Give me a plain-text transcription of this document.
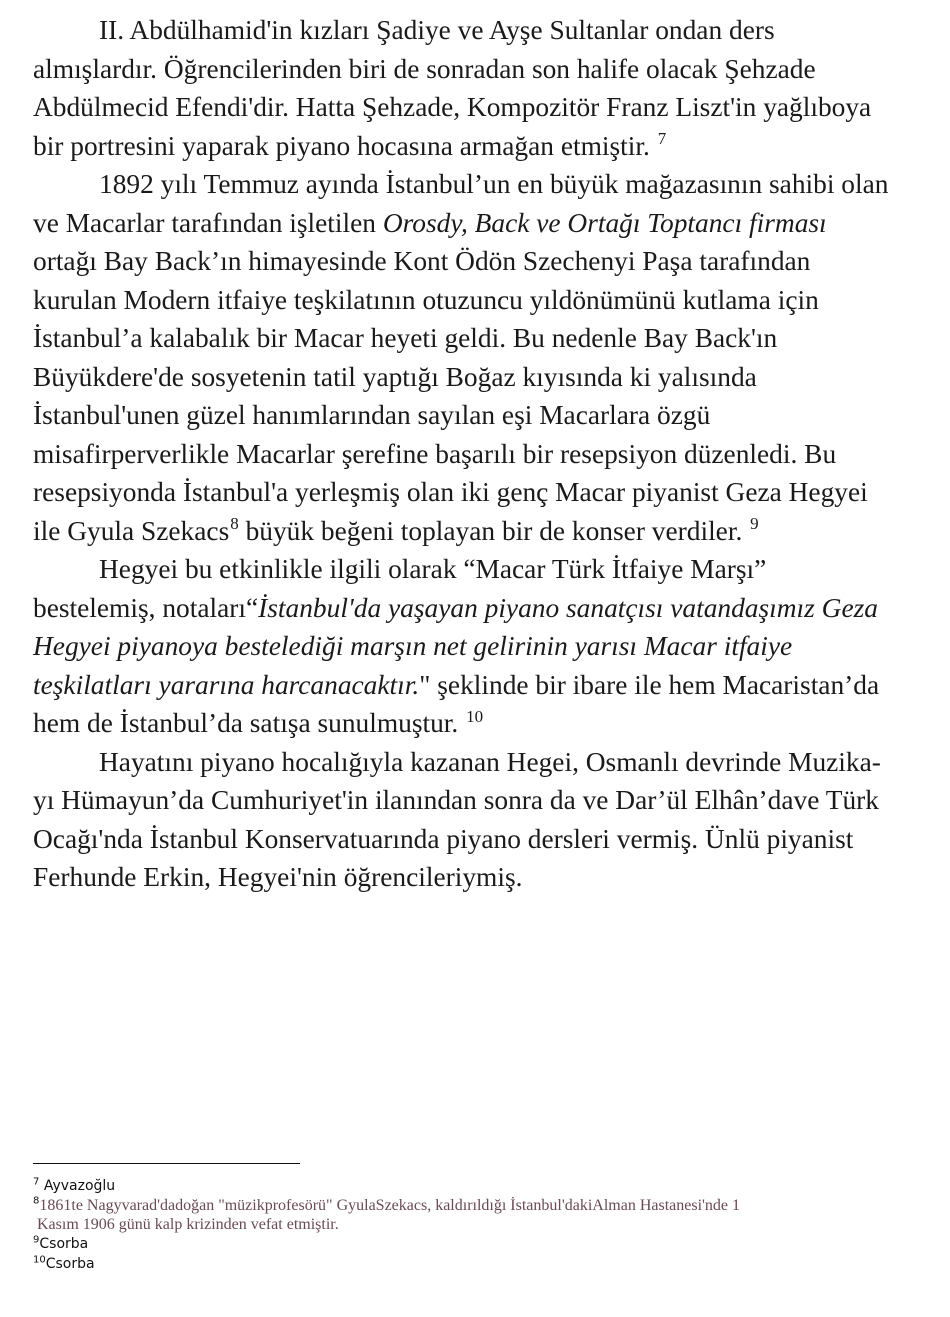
II. Abdülhamid'in kızları Şadiye ve Ayşe Sultanlar ondan ders almışlardır. Öğrencilerinden biri de sonradan son halife olacak Şehzade Abdülmecid Efendi'dir. Hatta Şehzade, Kompozitör Franz Liszt'in yağlıboya bir portresini yaparak piyano hocasına armağan etmiştir. $^7$

1892 yılı Temmuz ayında İstanbul’un en büyük mağazasının sahibi olan ve Macarlar tarafından işletilen Orosdy, Back ve Ortağı Toptancı firması ortağı Bay Back’ın himayesinde Kont Ödön Szechenyi Paşa tarafından kurulan Modern itfaiye teşkilatının otuzuncu yıldönümünü kutlama için İstanbul’a kalabalık bir Macar heyeti geldi. Bu nedenle Bay Back'ın Büyükdere'de sosyetenin tatil yaptığı Boğaz kıyısında ki yalısında İstanbul'unen güzel hanımlarından sayılan eşi Macarlara özgü misafirperverlikle Macarlar şerefine başarılı bir resepsiyon düzenledi. Bu resepsiyonda İstanbul'a yerleşmiş olan iki genç Macar piyanist Geza Hegyei ile Gyula Szekacs$^8$ büyük beğeni toplayan bir de konser verdiler. $^9$

Hegyei bu etkinlikle ilgili olarak “Macar Türk İtfaiye Marşı” bestelemiş, notaları“İstanbul'da yaşayan piyano sanatçısı vatandaşımız Geza Hegyei piyanoya bestelediği marşın net gelirinin yarısı Macar itfaiye teşkilatları yararına harcanacaktır." şeklinde bir ibare ile hem Macaristan’da hem de İstanbul’da satışa sunulmuştur. $^{10}$

Hayatını piyano hocalığıyla kazanan Hegei, Osmanlı devrinde Muzika-yı Hümayun’da Cumhuriyet'in ilanından sonra da ve Dar’ül Elhân’dave Türk Ocağı'nda İstanbul Konservatuarında piyano dersleri vermiş. Ünlü piyanist Ferhunde Erkin, Hegyei'nin öğrencileriymiş.

$^7$ Ayvazoğlu
$^8$1861te Nagyvarad'dadoğan "müzikprofesörü" GyulaSzekacs, kaldırıldığı İstanbul'dakiAlman Hastanesi'nde 1
Kasım 1906 günü kalp krizinden vefat etmiştir.
$^9$Csorba
$^{10}$Csorba
